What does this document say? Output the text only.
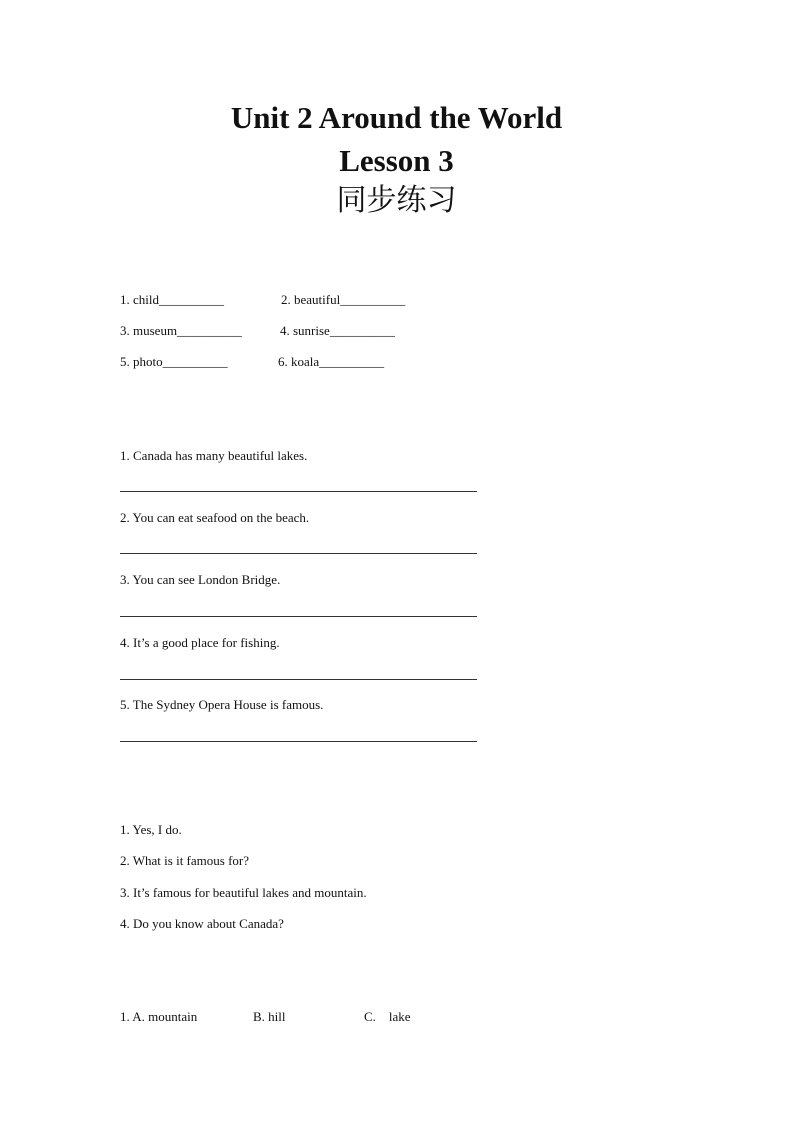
Unit 2 Around the World
Lesson 3
同步练习
1. child__________	2. beautiful__________
3. museum__________	4. sunrise__________
5. photo__________	6. koala__________
1. Canada has many beautiful lakes.
2. You can eat seafood on the beach.
3. You can see London Bridge.
4. It’s a good place for fishing.
5. The Sydney Opera House is famous.
1. Yes, I do.
2. What is it famous for?
3. It’s famous for beautiful lakes and mountain.
4. Do you know about Canada?
1. A. mountain	B. hill	C.    lake
